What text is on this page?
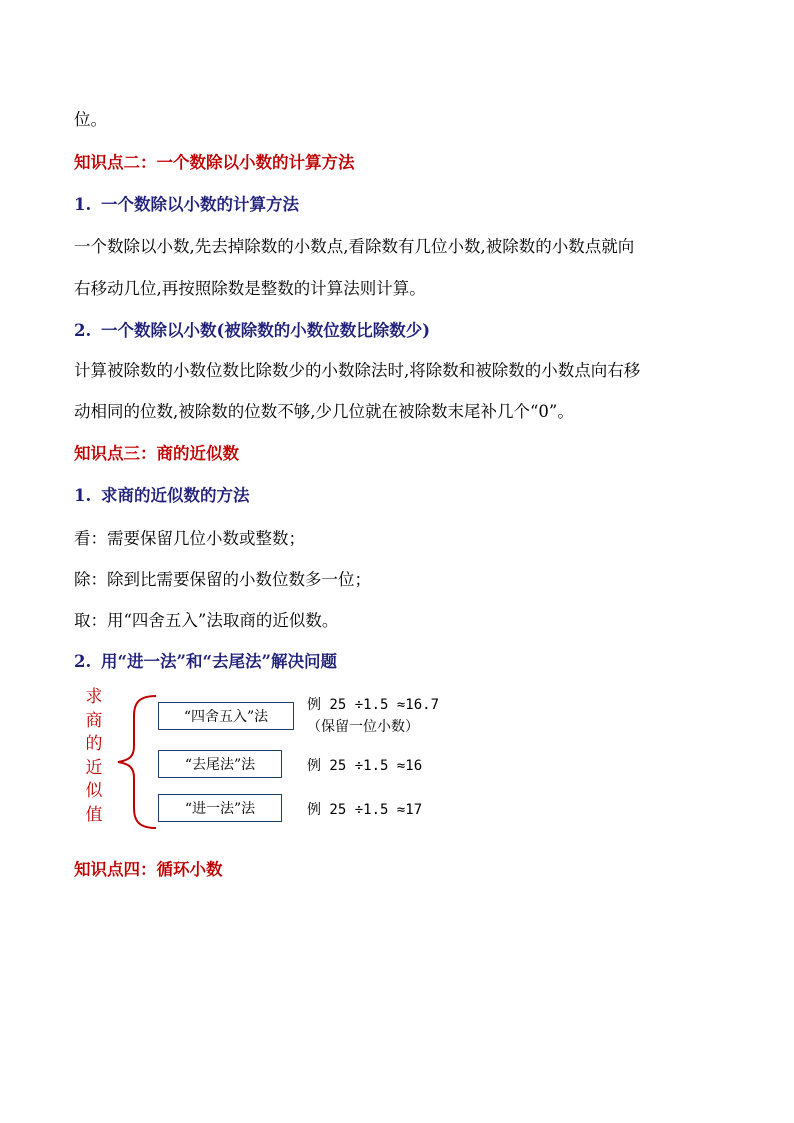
位。
知识点二：一个数除以小数的计算方法
1. 一个数除以小数的计算方法
一个数除以小数,先去掉除数的小数点,看除数有几位小数,被除数的小数点就向
右移动几位,再按照除数是整数的计算法则计算。
2. 一个数除以小数(被除数的小数位数比除数少)
计算被除数的小数位数比除数少的小数除法时,将除数和被除数的小数点向右移
动相同的位数,被除数的位数不够,少几位就在被除数末尾补几个“0”。
知识点三：商的近似数
1. 求商的近似数的方法
看：需要保留几位小数或整数；
除：除到比需要保留的小数位数多一位；
取：用“四舍五入”法取商的近似数。
2. 用“进一法”和“去尾法”解决问题
求
商
的
近
似
值
“四舍五入”法
例 25 ÷1.5 ≈16.7
（保留一位小数）
“去尾法”法	例 25 ÷1.5 ≈16
“进一法”法	例 25 ÷1.5 ≈17
知识点四：循环小数
